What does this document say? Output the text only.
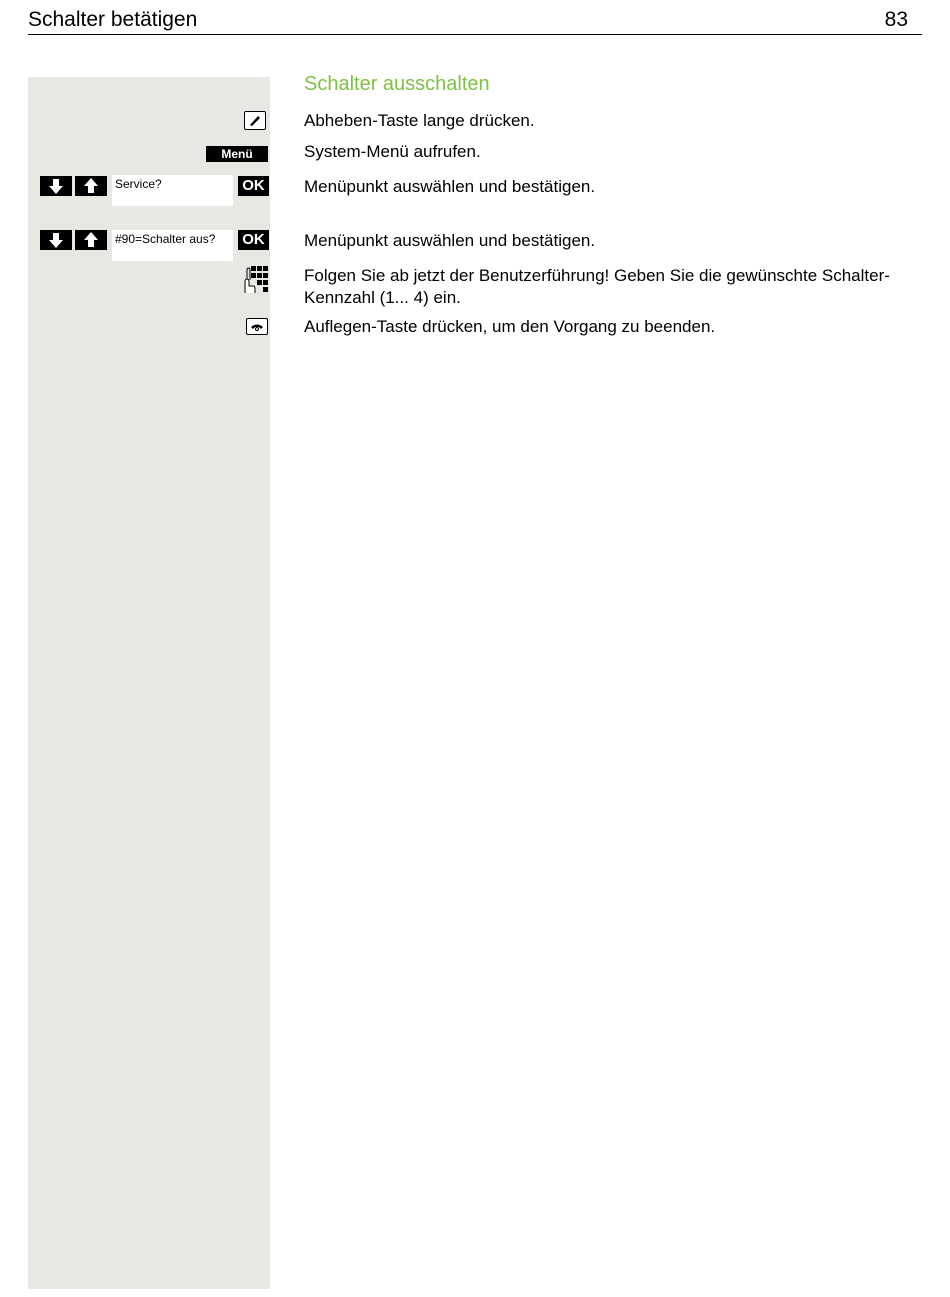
Schalter betätigen	83
Schalter ausschalten
Abheben-Taste lange drücken.
Menü	System-Menü aufrufen.
Service?	OK Menüpunkt auswählen und bestätigen.
#90=Schalter aus?	OK Menüpunkt auswählen und bestätigen.
Folgen Sie ab jetzt der Benutzerführung! Geben Sie die gewünschte Schalter-Kennzahl (1... 4) ein.
Auflegen-Taste drücken, um den Vorgang zu beenden.
